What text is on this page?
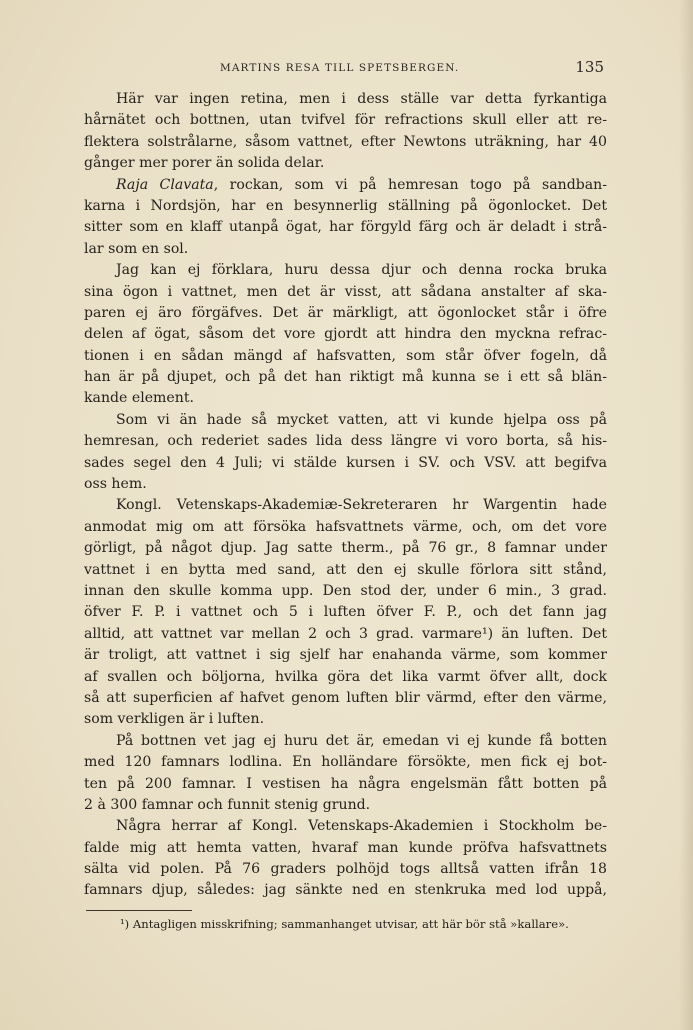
MARTINS RESA TILL SPETSBERGEN.	135
Här var ingen retina, men i dess ställe var detta fyrkantiga
hårnätet och bottnen, utan tvifvel för refractions skull eller att re-
flektera solstrålarne, såsom vattnet, efter Newtons uträkning, har 40
gånger mer porer än solida delar.
Raja Clavata, rockan, som vi på hemresan togo på sandban-
karna i Nordsjön, har en besynnerlig ställning på ögonlocket. Det
sitter som en klaff utanpå ögat, har förgyld färg och är deladt i strå-
lar som en sol.
Jag kan ej förklara, huru dessa djur och denna rocka bruka
sina ögon i vattnet, men det är visst, att sådana anstalter af ska-
paren ej äro förgäfves. Det är märkligt, att ögonlocket står i öfre
delen af ögat, såsom det vore gjordt att hindra den myckna refrac-
tionen i en sådan mängd af hafsvatten, som står öfver fogeln, då
han är på djupet, och på det han riktigt må kunna se i ett så blän-
kande element.
Som vi än hade så mycket vatten, att vi kunde hjelpa oss på
hemresan, och rederiet sades lida dess längre vi voro borta, så his-
sades segel den 4 Juli; vi stälde kursen i SV. och VSV. att begifva
oss hem.
Kongl. Vetenskaps-Akademiæ-Sekreteraren hr Wargentin hade
anmodat mig om att försöka hafsvattnets värme, och, om det vore
görligt, på något djup. Jag satte therm., på 76 gr., 8 famnar under
vattnet i en bytta med sand, att den ej skulle förlora sitt stånd,
innan den skulle komma upp. Den stod der, under 6 min., 3 grad.
öfver F. P. i vattnet och 5 i luften öfver F. P., och det fann jag
alltid, att vattnet var mellan 2 och 3 grad. varmare¹) än luften. Det
är troligt, att vattnet i sig sjelf har enahanda värme, som kommer
af svallen och böljorna, hvilka göra det lika varmt öfver allt, dock
så att superficien af hafvet genom luften blir värmd, efter den värme,
som verkligen är i luften.
På bottnen vet jag ej huru det är, emedan vi ej kunde få botten
med 120 famnars lodlina. En holländare försökte, men fick ej bot-
ten på 200 famnar. I vestisen ha några engelsmän fått botten på
2 à 300 famnar och funnit stenig grund.
Några herrar af Kongl. Vetenskaps-Akademien i Stockholm be-
falde mig att hemta vatten, hvaraf man kunde pröfva hafsvattnets
sälta vid polen. På 76 graders polhöjd togs alltså vatten ifrån 18
famnars djup, således: jag sänkte ned en stenkruka med lod uppå,
¹) Antagligen misskrifning; sammanhanget utvisar, att här bör stå »kallare».
